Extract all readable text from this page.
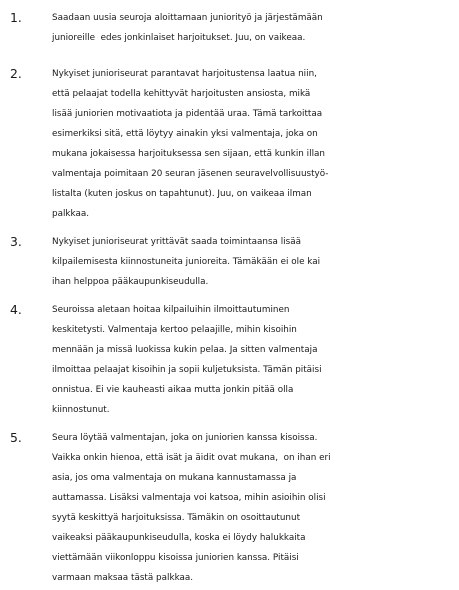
1.	Saadaan uusia seuroja aloittamaan juniorityö ja järjestämään
junioreille  edes jonkinlaiset harjoitukset. Juu, on vaikeaa.
2.	Nykyiset junioriseurat parantavat harjoitustensa laatua niin,
että pelaajat todella kehittyvät harjoitusten ansiosta, mikä
lisää juniorien motivaatiota ja pidentää uraa. Tämä tarkoittaa
esimerkiksi sitä, että löytyy ainakin yksi valmentaja, joka on
mukana jokaisessa harjoituksessa sen sijaan, että kunkin illan
valmentaja poimitaan 20 seuran jäsenen seuravelvollisuustyö-
listalta (kuten joskus on tapahtunut). Juu, on vaikeaa ilman
palkkaa.
3.	Nykyiset junioriseurat yrittävät saada toimintaansa lisää
kilpailemisesta kiinnostuneita junioreita. Tämäkään ei ole kai
ihan helppoa pääkaupunkiseudulla.
4.	Seuroissa aletaan hoitaa kilpailuihin ilmoittautuminen
keskitetysti. Valmentaja kertoo pelaajille, mihin kisoihin
mennään ja missä luokissa kukin pelaa. Ja sitten valmentaja
ilmoittaa pelaajat kisoihin ja sopii kuljetuksista. Tämän pitäisi
onnistua. Ei vie kauheasti aikaa mutta jonkin pitää olla
kiinnostunut.
5.	Seura löytää valmentajan, joka on juniorien kanssa kisoissa.
Vaikka onkin hienoa, että isät ja äidit ovat mukana,  on ihan eri
asia, jos oma valmentaja on mukana kannustamassa ja
auttamassa. Lisäksi valmentaja voi katsoa, mihin asioihin olisi
syytä keskittyä harjoituksissa. Tämäkin on osoittautunut
vaikeaksi pääkaupunkiseudulla, koska ei löydy halukkaita
viettämään viikonloppu kisoissa juniorien kanssa. Pitäisi
varmaan maksaa tästä palkkaa.
